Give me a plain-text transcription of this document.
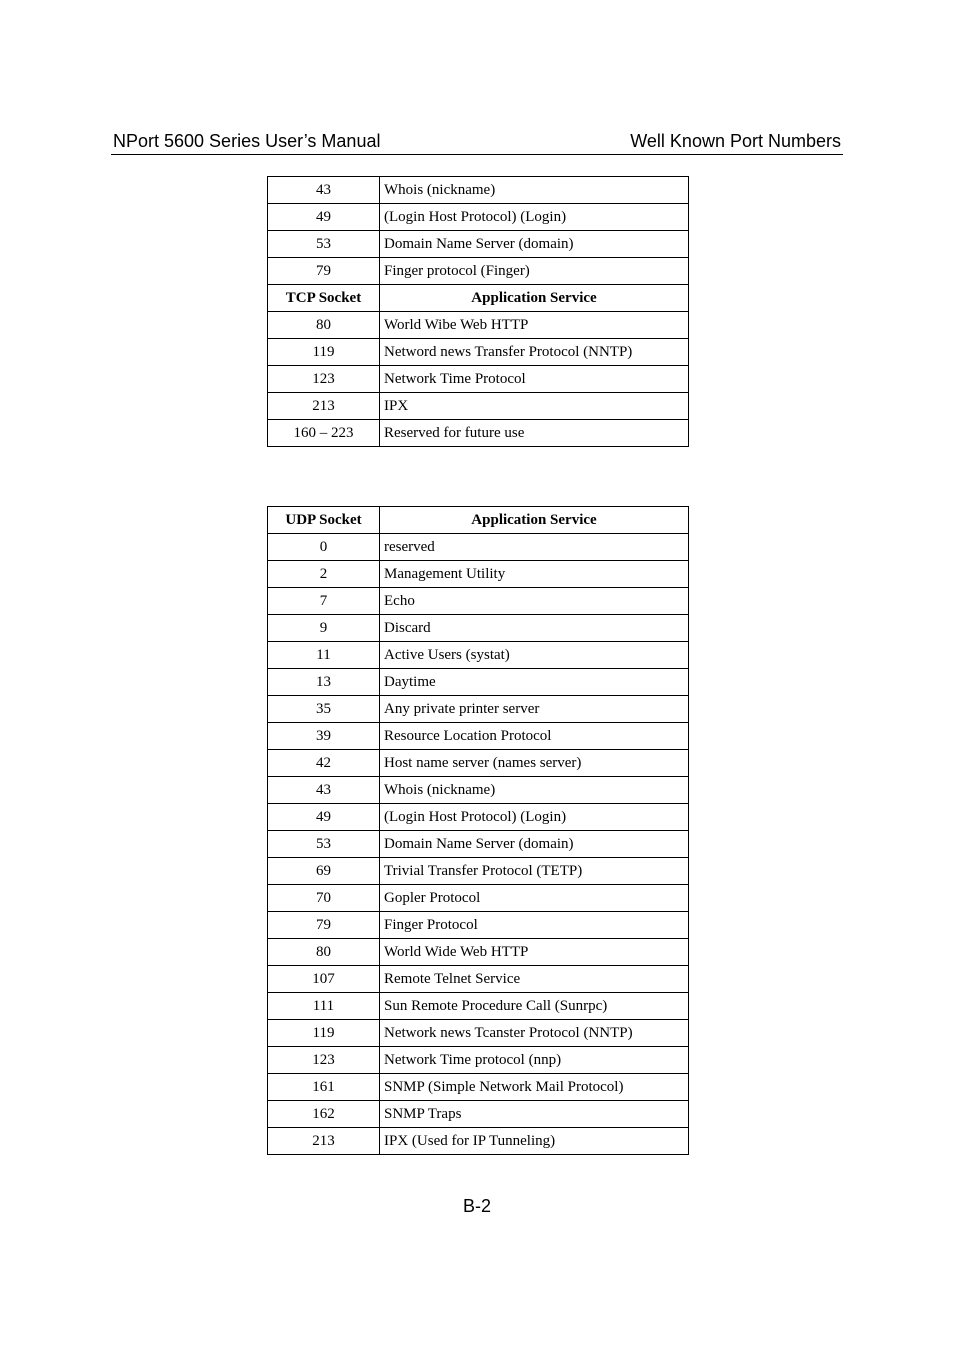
NPort 5600 Series User’s Manual	Well Known Port Numbers
43	Whois (nickname)
49	(Login Host Protocol) (Login)
53	Domain Name Server (domain)
79	Finger protocol (Finger)
TCP Socket	Application Service
80	World Wibe Web HTTP
119	Netword news Transfer Protocol (NNTP)
123	Network Time Protocol
213	IPX
160 – 223	Reserved for future use
UDP Socket	Application Service
0	reserved
2	Management Utility
7	Echo
9	Discard
11	Active Users (systat)
13	Daytime
35	Any private printer server
39	Resource Location Protocol
42	Host name server (names server)
43	Whois (nickname)
49	(Login Host Protocol) (Login)
53	Domain Name Server (domain)
69	Trivial Transfer Protocol (TETP)
70	Gopler Protocol
79	Finger Protocol
80	World Wide Web HTTP
107	Remote Telnet Service
111	Sun Remote Procedure Call (Sunrpc)
119	Network news Tcanster Protocol (NNTP)
123	Network Time protocol (nnp)
161	SNMP (Simple Network Mail Protocol)
162	SNMP Traps
213	IPX (Used for IP Tunneling)
B-2
